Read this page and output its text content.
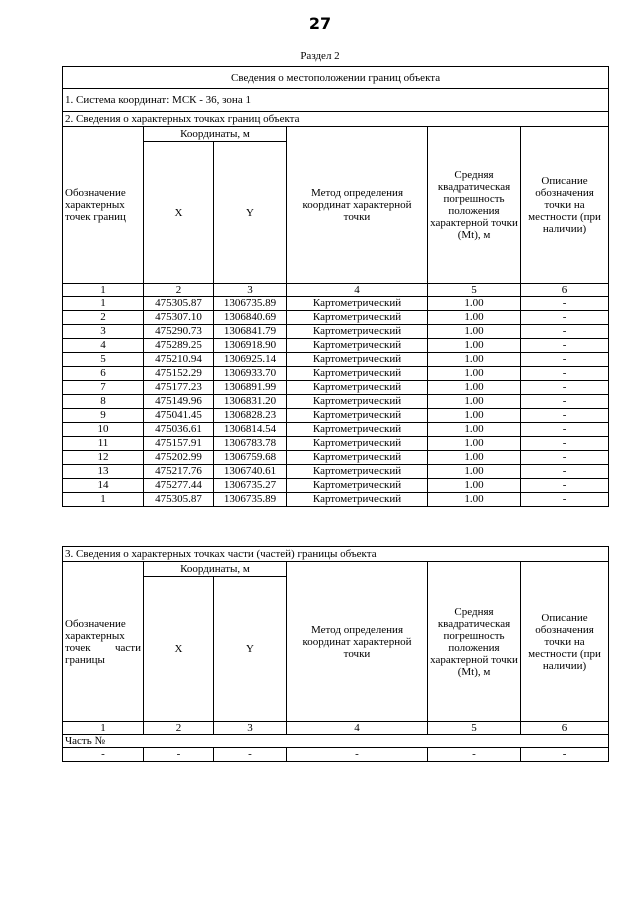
27
Раздел 2
Сведения о местоположении границ объекта					
1. Система координат: МСК - 36, зона 1					
2. Сведения о характерных точках границ объекта					
Обозначение характерных точек границ	Координаты, м		Метод определения координат характерной точки	Средняя квадратическая погрешность положения характерной точки (Mt), м	Описание обозначения точки на местности (при наличии)
	X	Y			
1	2	3	4	5	6
1	475305.87	1306735.89	Картометрический	1.00	-
2	475307.10	1306840.69	Картометрический	1.00	-
3	475290.73	1306841.79	Картометрический	1.00	-
4	475289.25	1306918.90	Картометрический	1.00	-
5	475210.94	1306925.14	Картометрический	1.00	-
6	475152.29	1306933.70	Картометрический	1.00	-
7	475177.23	1306891.99	Картометрический	1.00	-
8	475149.96	1306831.20	Картометрический	1.00	-
9	475041.45	1306828.23	Картометрический	1.00	-
10	475036.61	1306814.54	Картометрический	1.00	-
11	475157.91	1306783.78	Картометрический	1.00	-
12	475202.99	1306759.68	Картометрический	1.00	-
13	475217.76	1306740.61	Картометрический	1.00	-
14	475277.44	1306735.27	Картометрический	1.00	-
1	475305.87	1306735.89	Картометрический	1.00	-
3. Сведения о характерных точках части (частей) границы объекта					
Обозначение характерных точек части границы	Координаты, м		Метод определения координат характерной точки	Средняя квадратическая погрешность положения характерной точки (Mt), м	Описание обозначения точки на местности (при наличии)
	X	Y			
1	2	3	4	5	6
Часть №					
-	-	-	-	-	-
